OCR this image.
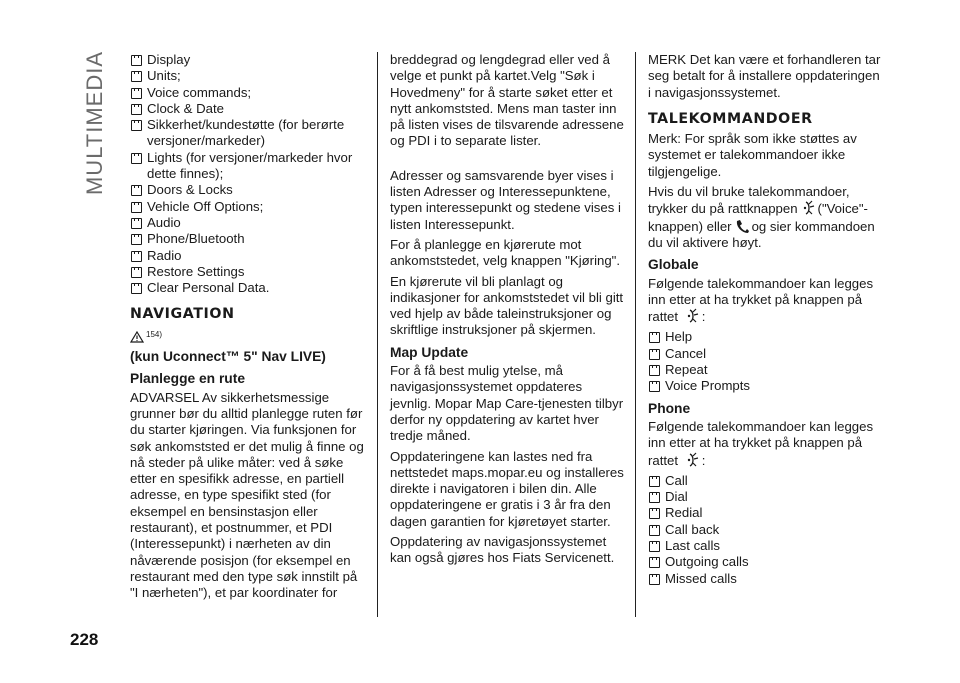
MULTIMEDIA	Display
Units;
Voice commands;
Clock & Date
Sikkerhet/kundestøtte (for berørte versjoner/markeder)
Lights (for versjoner/markeder hvor dette finnes);
Doors & Locks
Vehicle Off Options;
Audio
Phone/Bluetooth
Radio
Restore Settings
Clear Personal Data.
NAVIGATION
154)
(kun Uconnect™ 5" Nav LIVE)
Planlegge en rute

ADVARSEL Av sikkerhetsmessige grunner bør du alltid planlegge ruten før du starter kjøringen. Via funksjonen for søk ankomststed er det mulig å finne og nå steder på ulike måter: ved å søke etter en spesifikk adresse, en partiell adresse, en type spesifikt sted (for eksempel en bensinstasjon eller restaurant), et postnummer, et PDI (Interessepunkt) i nærheten av din nåværende posisjon (for eksempel en restaurant med den type søk innstilt på "I nærheten"), et par koordinater for

breddegrad og lengdegrad eller ved å velge et punkt på kartet.Velg "Søk i Hovedmeny" for å starte søket etter et nytt ankomststed. Mens man taster inn på listen vises de tilsvarende adressene og PDI i to separate lister.

Adresser og samsvarende byer vises i listen Adresser og Interessepunktene, typen interessepunkt og stedene vises i listen Interessepunkt.

For å planlegge en kjørerute mot ankomststedet, velg knappen "Kjøring".

En kjørerute vil bli planlagt og indikasjoner for ankomststedet vil bli gitt ved hjelp av både taleinstruksjoner og skriftlige instruksjoner på skjermen.

Map Update

For å få best mulig ytelse, må navigasjonssystemet oppdateres jevnlig. Mopar Map Care-tjenesten tilbyr derfor ny oppdatering av kartet hver tredje måned.

Oppdateringene kan lastes ned fra nettstedet maps.mopar.eu og installeres direkte i navigatoren i bilen din. Alle oppdateringene er gratis i 3 år fra den dagen garantien for kjøretøyet starter.

Oppdatering av navigasjonssystemet kan også gjøres hos Fiats Servicenett.

MERK Det kan være et forhandleren tar seg betalt for å installere oppdateringen i navigasjonssystemet.

TALEKOMMANDOER

Merk: For språk som ikke støttes av systemet er talekommandoer ikke tilgjengelige.

Hvis du vil bruke talekommandoer, trykker du på rattknappen ("Voice"-knappen) eller og sier kommandoen du vil aktivere høyt.

Globale

Følgende talekommandoer kan legges inn etter at ha trykket på knappen på rattet :

Help
Cancel
Repeat
Voice Prompts
Phone

Følgende talekommandoer kan legges inn etter at ha trykket på knappen på rattet :

Call
Dial
Redial
Call back
Last calls
Outgoing calls
Missed calls
228
